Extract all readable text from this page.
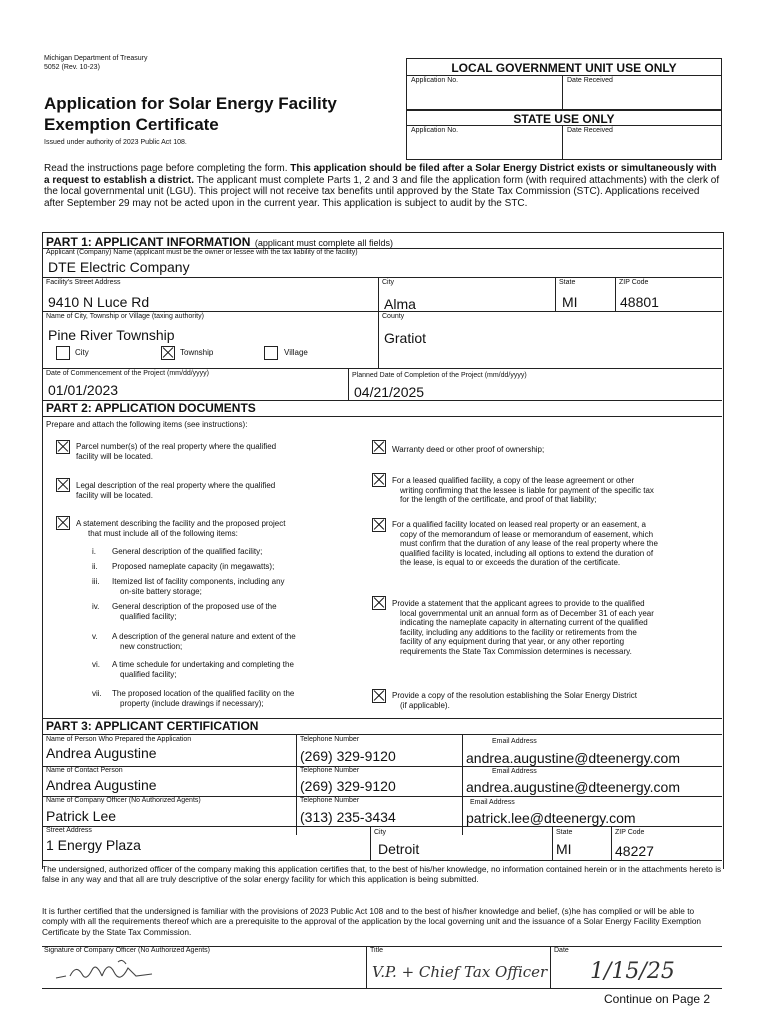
Michigan Department of Treasury
5052 (Rev. 10-23)
Application for Solar Energy Facility
Exemption Certificate
Issued under authority of 2023 Public Act 108.
LOCAL GOVERNMENT UNIT USE ONLY
Application No.	Date Received
STATE USE ONLY
Application No.	Date Received
Read the instructions page before completing the form. This application should be filed after a Solar Energy District exists or simultaneously with a request to establish a district. The applicant must complete Parts 1, 2 and 3 and file the application form (with required attachments) with the clerk of the local governmental unit (LGU). This project will not receive tax benefits until approved by the State Tax Commission (STC). Applications received after September 29 may not be acted upon in the current year. This application is subject to audit by the STC.
PART 1: APPLICANT INFORMATION (applicant must complete all fields)
Applicant (Company) Name (applicant must be the owner or lessee with the tax liability of the facility)
DTE Electric Company
Facility's Street Address
9410 N Luce Rd
City
Alma
State
MI
ZIP Code
48801
Name of City, Township or Village (taxing authority)
Pine River Township
County
Gratiot
City	Township	Village
Date of Commencement of the Project (mm/dd/yyyy)
01/01/2023
Planned Date of Completion of the Project (mm/dd/yyyy)
04/21/2025
PART 2: APPLICATION DOCUMENTS
Prepare and attach the following items (see instructions):
Parcel number(s) of the real property where the qualified
facility will be located.
Legal description of the real property where the qualified
facility will be located.
A statement describing the facility and the proposed project
that must include all of the following items:
i. General description of the qualified facility;
ii. Proposed nameplate capacity (in megawatts);
iii. Itemized list of facility components, including any
on-site battery storage;
iv. General description of the proposed use of the
qualified facility;
v. A description of the general nature and extent of the
new construction;
vi. A time schedule for undertaking and completing the
qualified facility;
vii. The proposed location of the qualified facility on the
property (include drawings if necessary);
Warranty deed or other proof of ownership;
For a leased qualified facility, a copy of the lease agreement or other
writing confirming that the lessee is liable for payment of the specific tax
for the length of the certificate, and proof of that liability;
For a qualified facility located on leased real property or an easement, a
copy of the memorandum of lease or memorandum of easement, which
must confirm that the duration of any lease of the real property where the
qualified facility is located, including all options to extend the duration of
the lease, is equal to or exceeds the duration of the certificate.
Provide a statement that the applicant agrees to provide to the qualified
local governmental unit an annual form as of December 31 of each year
indicating the nameplate capacity in alternating current of the qualified
facility, including any additions to the facility or retirements from the
facility of any equipment during that year, or any other reporting
requirements the State Tax Commission determines is necessary.
Provide a copy of the resolution establishing the Solar Energy District
(if applicable).
PART 3: APPLICANT CERTIFICATION
Name of Person Who Prepared the Application
Andrea Augustine
Telephone Number
(269) 329-9120
Email Address
andrea.augustine@dteenergy.com
Name of Contact Person
Andrea Augustine
Telephone Number
(269) 329-9120
Email Address
andrea.augustine@dteenergy.com
Name of Company Officer (No Authorized Agents)
Patrick Lee
Telephone Number
(313) 235-3434
Email Address
patrick.lee@dteenergy.com
Street Address
1 Energy Plaza
City
Detroit
State
MI
ZIP Code
48227
The undersigned, authorized officer of the company making this application certifies that, to the best of his/her knowledge, no information contained herein or in the attachments hereto is false in any way and that all are truly descriptive of the solar energy facility for which this application is being submitted.
It is further certified that the undersigned is familiar with the provisions of 2023 Public Act 108 and to the best of his/her knowledge and belief, (s)he has complied or will be able to comply with all the requirements thereof which are a prerequisite to the approval of the application by the local governing unit and the issuance of a Solar Energy Facility Exemption Certificate by the State Tax Commission.
Signature of Company Officer (No Authorized Agents)	Title
V.P. + Chief Tax Officer
Date
1/15/25
Continue on Page 2
